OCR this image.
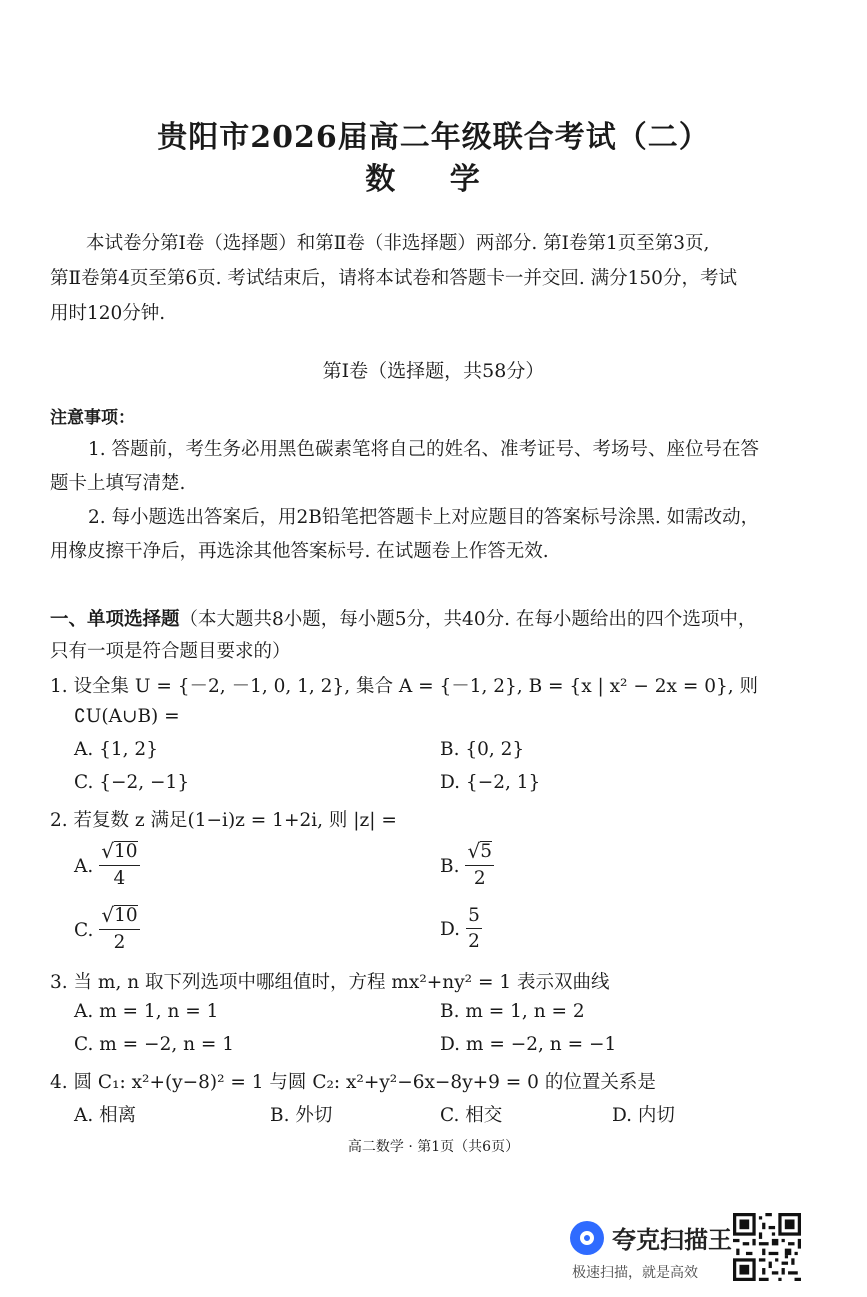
贵阳市2026届高二年级联合考试（二）
数 学
本试卷分第Ⅰ卷（选择题）和第Ⅱ卷（非选择题）两部分. 第Ⅰ卷第1页至第3页,
第Ⅱ卷第4页至第6页. 考试结束后，请将本试卷和答题卡一并交回. 满分150分，考试
用时120分钟.
第Ⅰ卷（选择题，共58分）
注意事项：
1. 答题前，考生务必用黑色碳素笔将自己的姓名、准考证号、考场号、座位号在答
题卡上填写清楚.
2. 每小题选出答案后，用2B铅笔把答题卡上对应题目的答案标号涂黑. 如需改动，
用橡皮擦干净后，再选涂其他答案标号. 在试题卷上作答无效.
一、单项选择题（本大题共8小题，每小题5分，共40分. 在每小题给出的四个选项中，
只有一项是符合题目要求的）
1. 设全集 U = {－2, －1, 0, 1, 2}, 集合 A = {－1, 2}, B = {x | x² − 2x = 0}, 则
∁U(A∪B) =
A. {1, 2}	B. {0, 2}
C. {−2, −1}	D. {−2, 1}
2. 若复数 z 满足(1−i)z = 1+2i, 则 |z| =
A. $\frac{√ 10}{4}$	B. $\frac{√ 5}{2}$
C. $\frac{√ 10}{2}$	D. $\frac{5}{2}$
3. 当 m, n 取下列选项中哪组值时，方程 mx²+ny² = 1 表示双曲线
A. m = 1, n = 1	B. m = 1, n = 2
C. m = −2, n = 1	D. m = −2, n = −1
4. 圆 C₁: x²+(y−8)² = 1 与圆 C₂: x²+y²−6x−8y+9 = 0 的位置关系是
A. 相离	B. 外切	C. 相交	D. 内切
高二数学 · 第1页（共6页）
夸克扫描王
极速扫描，就是高效
